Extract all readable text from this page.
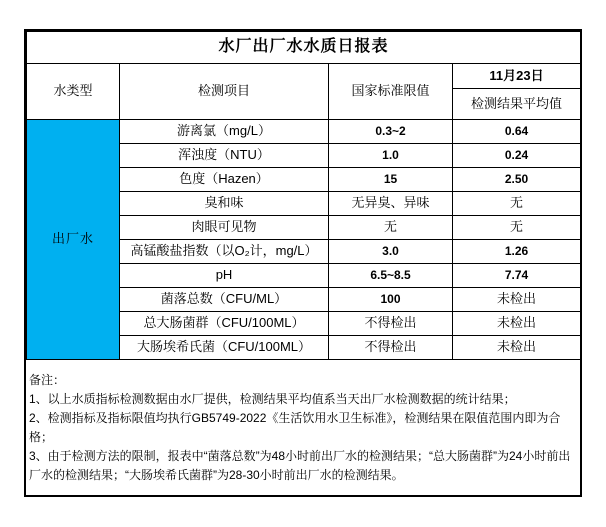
水厂出厂水水质日报表			
水类型	检测项目	国家标准限值	11月23日
			检测结果平均值
出厂水	游离氯（mg/L）	0.3~2	0.64
	浑浊度（NTU）	1.0	0.24
	色度（Hazen）	15	2.50
	臭和味	无异臭、异味	无
	肉眼可见物	无	无
	高锰酸盐指数（以O₂计，mg/L）	3.0	1.26
	pH	6.5~8.5	7.74
	菌落总数（CFU/ML）	100	未检出
	总大肠菌群（CFU/100ML）	不得检出	未检出
	大肠埃希氏菌（CFU/100ML）	不得检出	未检出

备注：

1、以上水质指标检测数据由水厂提供，检测结果平均值系当天出厂水检测数据的统计结果；

2、检测指标及指标限值均执行GB5749-2022《生活饮用水卫生标准》，检测结果在限值范围内即为合格；

3、由于检测方法的限制，报表中“菌落总数”为48小时前出厂水的检测结果；“总大肠菌群”为24小时前出厂水的检测结果；“大肠埃希氏菌群”为28-30小时前出厂水的检测结果。
